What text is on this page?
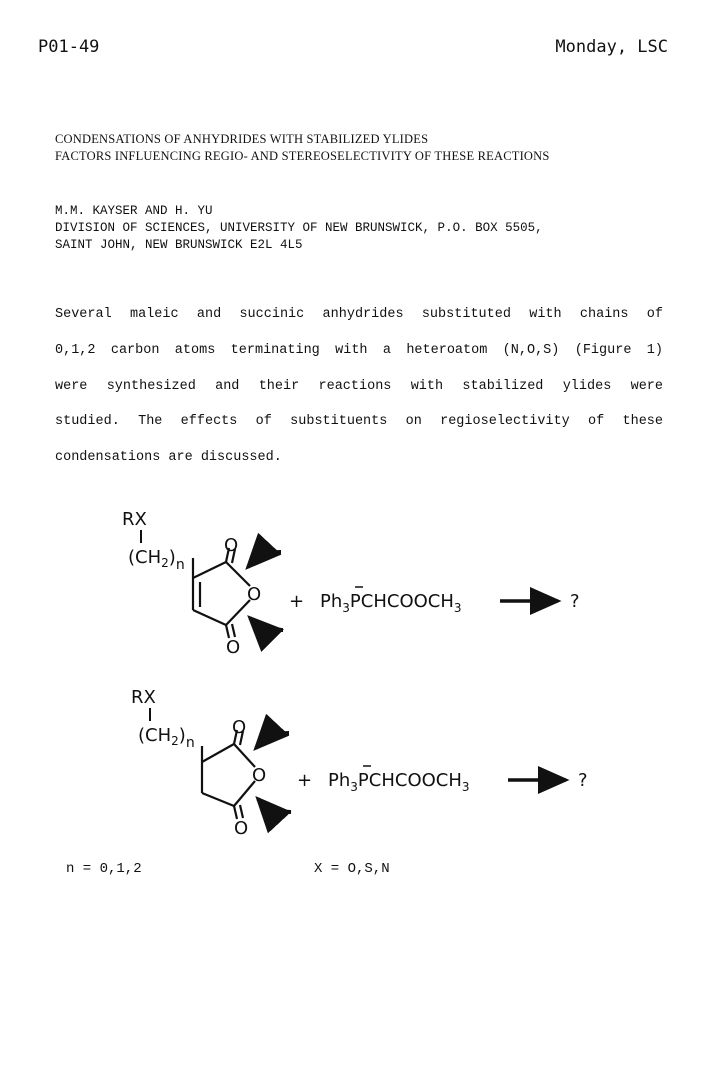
P01-49	Monday, LSC
CONDENSATIONS OF ANHYDRIDES WITH STABILIZED YLIDES
FACTORS INFLUENCING REGIO- AND STEREOSELECTIVITY OF THESE REACTIONS
M.M. KAYSER AND H. YU
DIVISION OF SCIENCES, UNIVERSITY OF NEW BRUNSWICK, P.O. BOX 5505,
SAINT JOHN, NEW BRUNSWICK E2L 4L5
Several maleic and succinic anhydrides substituted with chains of
0,1,2 carbon atoms terminating with a heteroatom (N,O,S) (Figure 1)
were synthesized and their reactions with stabilized ylides were
studied. The effects of substituents on regioselectivity of these
condensations are discussed.
RX
$(CH_2)_n$
O
O
O
+ $Ph_3PCHCOOCH_3$	?
RX
$(CH_2)_n$
O
O
O
+ $Ph_3PCHCOOCH_3$	?
n = 0,1,2	X = O,S,N
